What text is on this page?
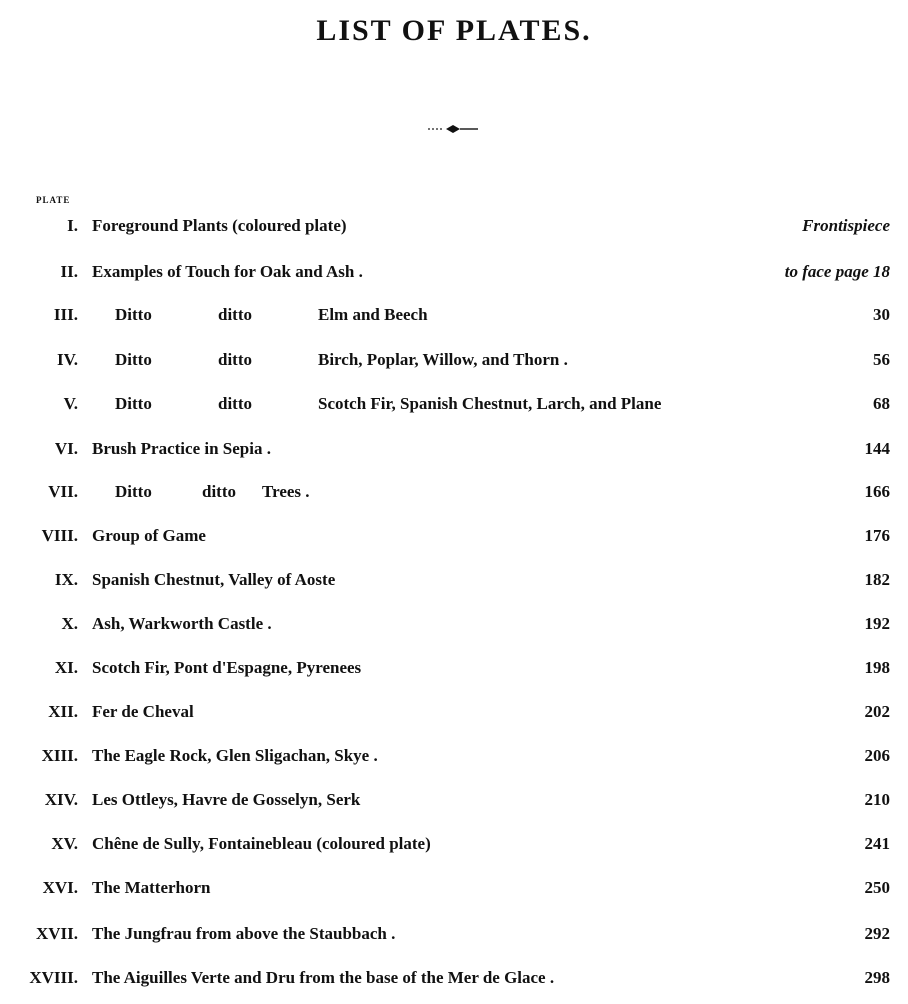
LIST OF PLATES.
PLATE
I. Foreground Plants (coloured plate)	Frontispiece
II. Examples of Touch for Oak and Ash .	to face page 18
III. Ditto	ditto	Elm and Beech	30
IV. Ditto	ditto	Birch, Poplar, Willow, and Thorn .	56
V. Ditto	ditto	Scotch Fir, Spanish Chestnut, Larch, and Plane	68
VI. Brush Practice in Sepia .	144
VII. Ditto	ditto Trees .	166
VIII. Group of Game	176
IX. Spanish Chestnut, Valley of Aoste	182
X. Ash, Warkworth Castle .	192
XI. Scotch Fir, Pont d'Espagne, Pyrenees	198
XII. Fer de Cheval	202
XIII. The Eagle Rock, Glen Sligachan, Skye .	206
XIV. Les Ottleys, Havre de Gosselyn, Serk	210
XV. Chêne de Sully, Fontainebleau (coloured plate)	241
XVI. The Matterhorn	250
XVII. The Jungfrau from above the Staubbach .	292
XVIII. The Aiguilles Verte and Dru from the base of the Mer de Glace .	298
